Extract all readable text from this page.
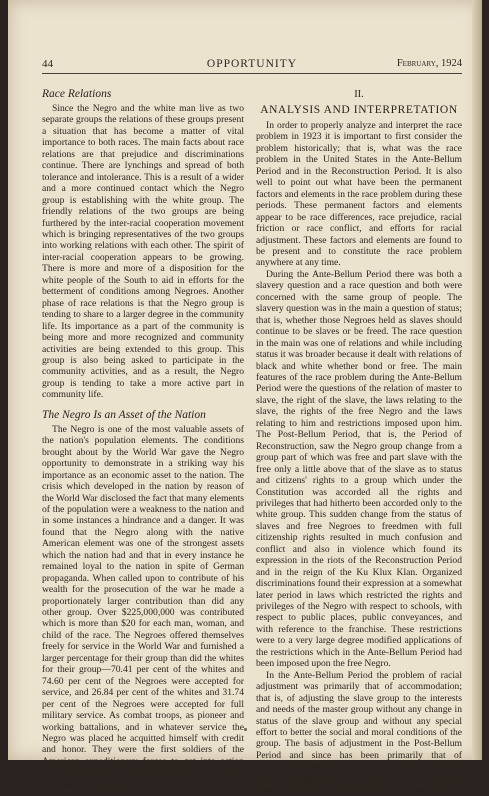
44	OPPORTUNITY	February, 1924
Race Relations

Since the Negro and the white man live as two separate groups the relations of these groups present a situation that has become a matter of vital importance to both races. The main facts about race relations are that prejudice and discriminations continue. There are lynchings and spread of both tolerance and intolerance. This is a result of a wider and a more continued contact which the Negro group is establishing with the white group. The friendly relations of the two groups are being furthered by the inter-racial cooperation movement which is bringing representatives of the two groups into working relations with each other. The spirit of inter-racial cooperation appears to be growing. There is more and more of a disposition for the white people of the South to aid in efforts for the betterment of conditions among Negroes. Another phase of race relations is that the Negro group is tending to share to a larger degree in the community life. Its importance as a part of the community is being more and more recognized and community activities are being extended to this group. This group is also being asked to participate in the community activities, and as a result, the Negro group is tending to take a more active part in community life.

The Negro Is an Asset of the Nation

The Negro is one of the most valuable assets of the nation's population elements. The conditions brought about by the World War gave the Negro opportunity to demonstrate in a striking way his importance as an economic asset to the nation. The crisis which developed in the nation by reason of the World War disclosed the fact that many elements of the population were a weakness to the nation and in some instances a hindrance and a danger. It was found that the Negro along with the native American element was one of the strongest assets which the nation had and that in every instance he remained loyal to the nation in spite of German propaganda. When called upon to contribute of his wealth for the prosecution of the war he made a proportionately larger contribution than did any other group. Over $225,000,000 was contributed which is more than $20 for each man, woman, and child of the race. The Negroes offered themselves freely for service in the World War and furnished a larger percentage for their group than did the whites for their group—70.41 per cent of the whites and 74.60 per cent of the Negroes were accepted for service, and 26.84 per cent of the whites and 31.74 per cent of the Negroes were accepted for full military service. As combat troops, as pioneer and working battalions, and in whatever service the Negro was placed he acquitted himself with credit and honor. They were the first soldiers of the American expeditionary forces to get into action and the first soldiers of the American army to be decorated for bravery.

II.
ANALYSIS AND INTERPRETATION

In order to properly analyze and interpret the race problem in 1923 it is important to first consider the problem historically; that is, what was the race problem in the United States in the Ante-Bellum Period and in the Reconstruction Period. It is also well to point out what have been the permanent factors and elements in the race problem during these periods. These permanent factors and elements appear to be race differences, race prejudice, racial friction or race conflict, and efforts for racial adjustment. These factors and elements are found to be present and to constitute the race problem anywhere at any time.

During the Ante-Bellum Period there was both a slavery question and a race question and both were concerned with the same group of people. The slavery question was in the main a question of status; that is, whether those Negroes held as slaves should continue to be slaves or be freed. The race question in the main was one of relations and while including status it was broader because it dealt with relations of black and white whether bond or free. The main features of the race problem during the Ante-Bellum Period were the questions of the relation of master to slave, the right of the slave, the laws relating to the slave, the rights of the free Negro and the laws relating to him and restrictions imposed upon him. The Post-Bellum Period, that is, the Period of Reconstruction, saw the Negro group change from a group part of which was free and part slave with the free only a little above that of the slave as to status and citizens' rights to a group which under the Constitution was accorded all the rights and privileges that had hitherto been accorded only to the white group. This sudden change from the status of slaves and free Negroes to freedmen with full citizenship rights resulted in much confusion and conflict and also in violence which found its expression in the riots of the Reconstruction Period and in the reign of the Ku Klux Klan. Organized discriminations found their expression at a somewhat later period in laws which restricted the rights and privileges of the Negro with respect to schools, with respect to public places, public conveyances, and with reference to the franchise. These restrictions were to a very large degree modified applications of the restrictions which in the Ante-Bellum Period had been imposed upon the free Negro.

In the Ante-Bellum Period the problem of racial adjustment was primarily that of accommodation; that is, of adjusting the slave group to the interests and needs of the master group without any change in status of the slave group and without any special effort to better the social and moral conditions of the group. The basis of adjustment in the Post-Bellum Period and since has been primarily that of assimilation; that is, to take this group of freedmen and by giving them the opportunity for economic, educational, moral, and religious development to
